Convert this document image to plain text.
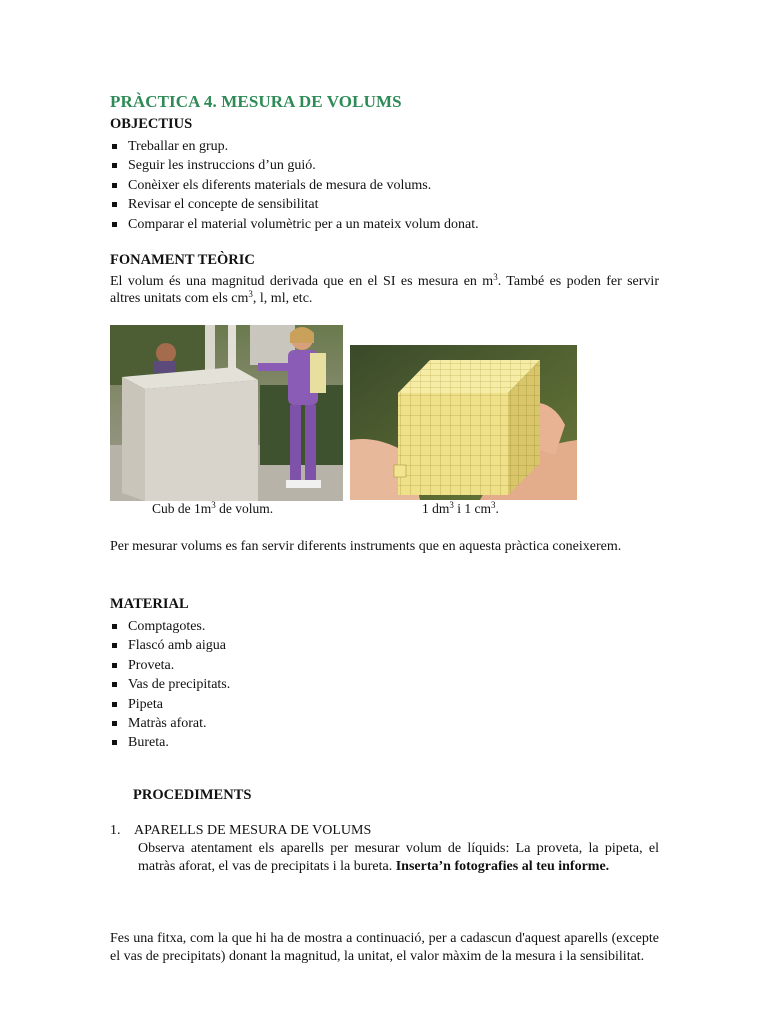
PRÀCTICA 4. MESURA DE VOLUMS
OBJECTIUS
Treballar en grup.
Seguir les instruccions d’un guió.
Conèixer els diferents materials de mesura de volums.
Revisar el concepte de sensibilitat
Comparar el material volumètric per a un mateix volum donat.
FONAMENT TEÒRIC
El volum és una magnitud derivada que en el SI es mesura en $m^3$. També es poden fer servir altres unitats com els $cm^3$, l, ml, etc.
Cub de $1m^3$ de volum.	1 $dm^3$ i 1 $cm^3$.
Per mesurar volums es fan servir diferents instruments que en aquesta pràctica coneixerem.
MATERIAL
Comptagotes.
Flascó amb aigua
Proveta.
Vas de precipitats.
Pipeta
Matràs aforat.
Bureta.
PROCEDIMENTS
1. APARELLS DE MESURA DE VOLUMS
Observa atentament els aparells per mesurar volum de líquids: La proveta, la pipeta, el matràs aforat, el vas de precipitats i la bureta. Inserta’n fotografies al teu informe.
Fes una fitxa, com la que hi ha de mostra a continuació, per a cadascun d'aquest aparells (excepte el vas de precipitats) donant la magnitud, la unitat, el valor màxim de la mesura i la sensibilitat.
